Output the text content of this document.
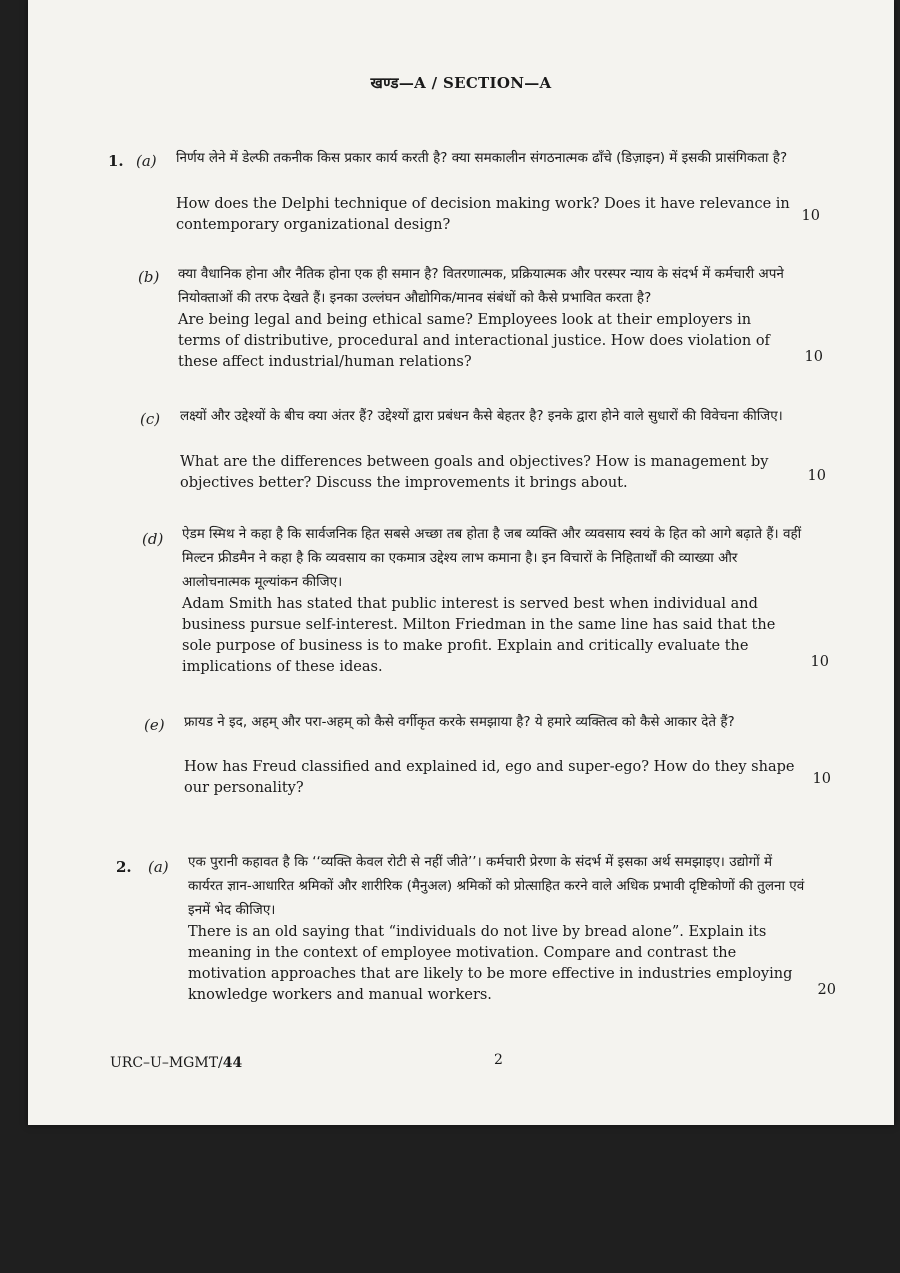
खण्ड—A / SECTION—A
1. (a) निर्णय लेने में डेल्फी तकनीक किस प्रकार कार्य करती है? क्या समकालीन संगठनात्मक ढाँचे (डिज़ाइन) में इसकी प्रासंगिकता है?
How does the Delphi technique of decision making work? Does it have relevance in contemporary organizational design?
10
(b) क्या वैधानिक होना और नैतिक होना एक ही समान है? वितरणात्मक, प्रक्रियात्मक और परस्पर न्याय के संदर्भ में कर्मचारी अपने नियोक्ताओं की तरफ देखते हैं। इनका उल्लंघन औद्योगिक/मानव संबंधों को कैसे प्रभावित करता है?
Are being legal and being ethical same? Employees look at their employers in terms of distributive, procedural and interactional justice. How does violation of these affect industrial/human relations?	10
(c) लक्ष्यों और उद्देश्यों के बीच क्या अंतर हैं? उद्देश्यों द्वारा प्रबंधन कैसे बेहतर है? इनके द्वारा होने वाले सुधारों की विवेचना कीजिए।
What are the differences between goals and objectives? How is management by objectives better? Discuss the improvements it brings about.	10
(d) ऐडम स्मिथ ने कहा है कि सार्वजनिक हित सबसे अच्छा तब होता है जब व्यक्ति और व्यवसाय स्वयं के हित को आगे बढ़ाते हैं। वहीं मिल्टन फ्रीडमैन ने कहा है कि व्यवसाय का एकमात्र उद्देश्य लाभ कमाना है। इन विचारों के निहितार्थों की व्याख्या और आलोचनात्मक मूल्यांकन कीजिए।
Adam Smith has stated that public interest is served best when individual and business pursue self-interest. Milton Friedman in the same line has said that the sole purpose of business is to make profit. Explain and critically evaluate the implications of these ideas.	10
(e) फ्रायड ने इद, अहम् और परा-अहम् को कैसे वर्गीकृत करके समझाया है? ये हमारे व्यक्तित्व को कैसे आकार देते हैं?
How has Freud classified and explained id, ego and super-ego? How do they shape our personality?
10
2. (a) एक पुरानी कहावत है कि ‘‘व्यक्ति केवल रोटी से नहीं जीते’’। कर्मचारी प्रेरणा के संदर्भ में इसका अर्थ समझाइए। उद्योगों में कार्यरत ज्ञान-आधारित श्रमिकों और शारीरिक (मैनुअल) श्रमिकों को प्रोत्साहित करने वाले अधिक प्रभावी दृष्टिकोणों की तुलना एवं इनमें भेद कीजिए।
There is an old saying that “individuals do not live by bread alone”. Explain its meaning in the context of employee motivation. Compare and contrast the motivation approaches that are likely to be more effective in industries employing knowledge workers and manual workers.	20
URC–U–MGMT/44	2
